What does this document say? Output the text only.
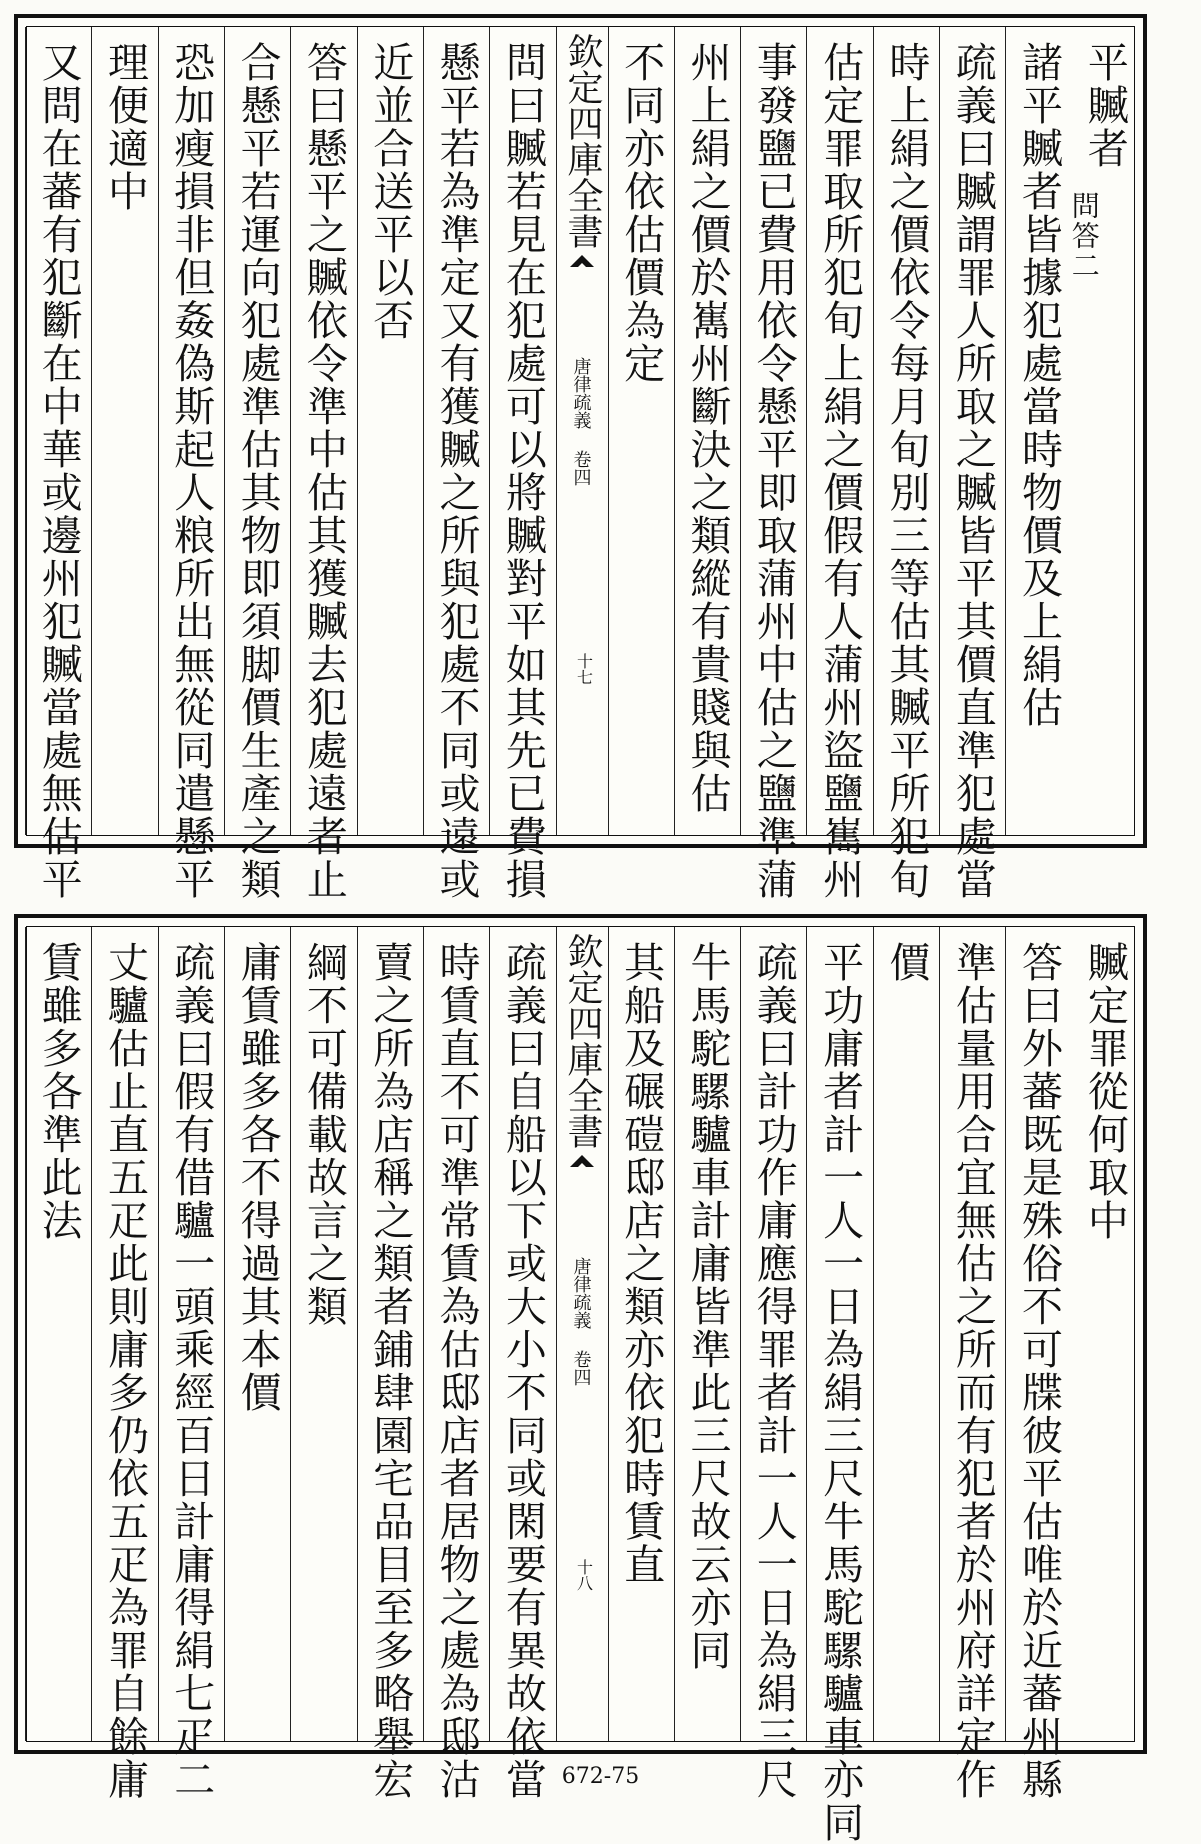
平贓者
問答二
諸平贓者皆據犯處當時物價及上絹估
疏義曰贓謂罪人所取之贓皆平其價直準犯處當
時上絹之價依令每月旬別三等估其贓平所犯旬
估定罪取所犯旬上絹之價假有人蒲州盜鹽嶲州
事發鹽已費用依令懸平即取蒲州中估之鹽準蒲
州上絹之價於嶲州斷決之類縱有貴賤與估
不同亦依估價為定
欽定四庫全書
唐律疏義 卷四
十七
問曰贓若見在犯處可以將贓對平如其先已費損
懸平若為準定又有獲贓之所與犯處不同或遠或
近並合送平以否
答曰懸平之贓依令準中估其獲贓去犯處遠者止
合懸平若運向犯處準估其物即須脚價生產之類
恐加瘦損非但姦偽斯起人粮所出無從同遣懸平
理便適中
又問在蕃有犯斷在中華或邊州犯贓當處無估平
贓定罪從何取中
答曰外蕃既是殊俗不可牒彼平估唯於近蕃州縣
準估量用合宜無估之所而有犯者於州府詳定作
價
平功庸者計一人一日為絹三尺牛馬駝騾驢車亦同
疏義曰計功作庸應得罪者計一人一日為絹三尺
牛馬駝騾驢車計庸皆準此三尺故云亦同
其船及碾磑邸店之類亦依犯時賃直
欽定四庫全書
唐律疏義 卷四
十八
疏義曰自船以下或大小不同或閑要有異故依當
時賃直不可準常賃為估邸店者居物之處為邸沽
賣之所為店稱之類者鋪肆園宅品目至多略舉宏
綱不可備載故言之類
庸賃雖多各不得過其本價
疏義曰假有借驢一頭乘經百日計庸得絹七疋二
丈驢估止直五疋此則庸多仍依五疋為罪自餘庸
賃雖多各準此法
672-75
